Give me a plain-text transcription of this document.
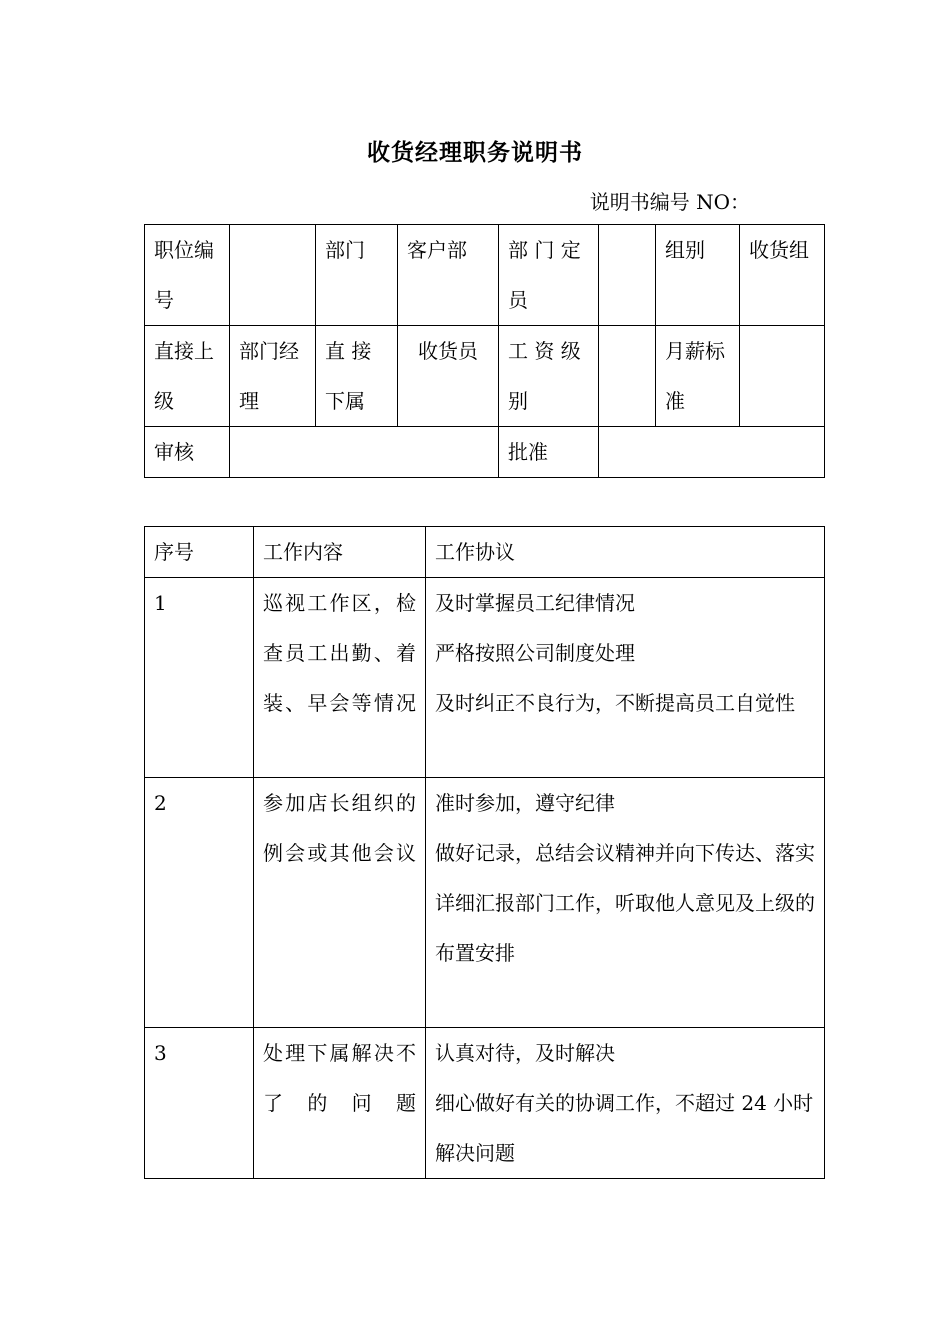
收货经理职务说明书
说明书编号 NO：
职位编号		部门	客户部	部 门 定 员		组别	收货组
直接上级	部门经理	直 接 下属	收货员	工 资 级 别		月薪标准	
审核				批准			
序号	工作内容	工作协议
1	巡视工作区，检查员工出勤、着装、早会等情况	及时掌握员工纪律情况
严格按照公司制度处理
及时纠正不良行为，不断提高员工自觉性

2	参加店长组织的例会或其他会议	准时参加，遵守纪律
做好记录，总结会议精神并向下传达、落实
详细汇报部门工作，听取他人意见及上级的布置安排

3	处理下属解决不了的问题	认真对待，及时解决
细心做好有关的协调工作，不超过 24 小时解决问题
